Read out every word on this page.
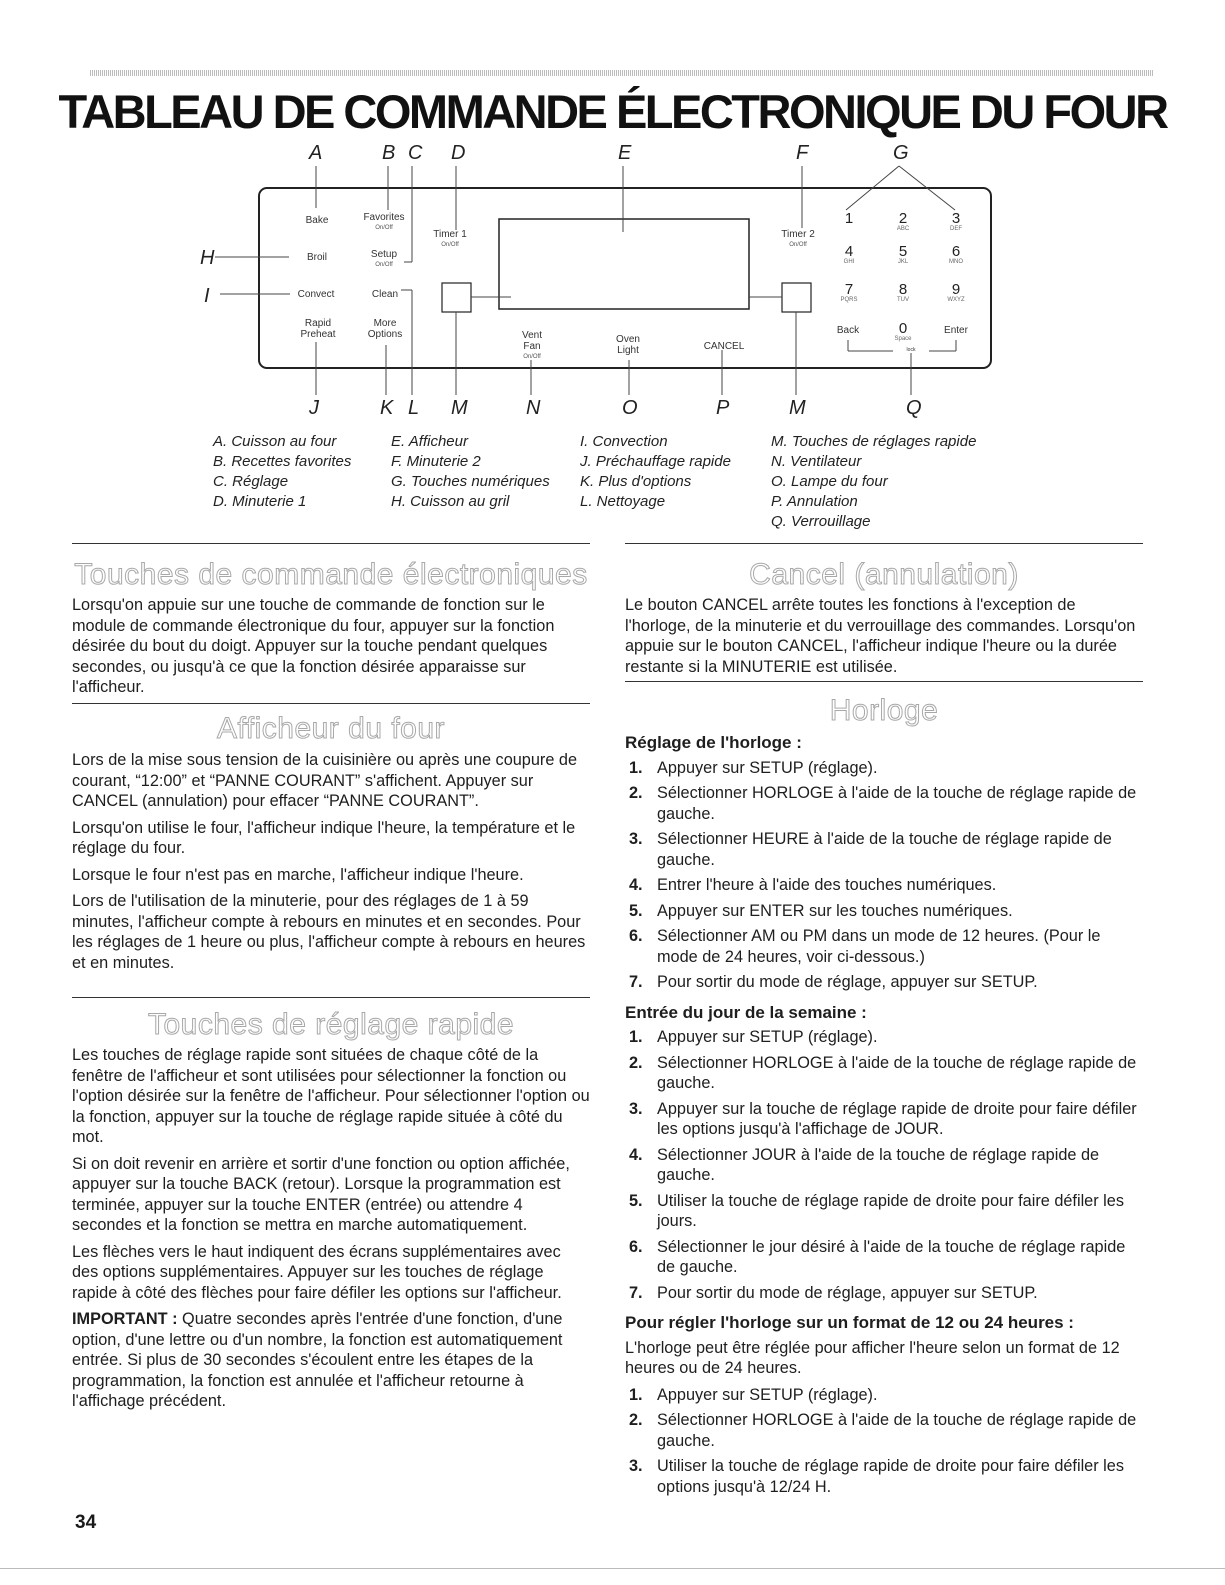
TABLEAU DE COMMANDE ÉLECTRONIQUE DU FOUR
A	B C D	E	F	G
H
I
J	K L M	N	O	P	M	Q
Bake
Broil
Convect
Rapid
Preheat
Favorites
On/Off
Setup
On/Off
Clean
More
Options
Timer 1
On/Off
Timer 2
On/Off
Vent
Fan
On/Off
Oven
Light	CANCEL
1	2
ABC
3
DEF
4
GHI
5
JKL
6
MNO
7
PQRS
8
TUV
9
WXYZ
Back	0
Space
Enter
lock
A. Cuisson au four
B. Recettes favorites
C. Réglage
D. Minuterie 1
E. Afficheur
F. Minuterie 2
G. Touches numériques
H. Cuisson au gril
I. Convection
J. Préchauffage rapide
K. Plus d'options
L. Nettoyage
M. Touches de réglages rapide
N. Ventilateur
O. Lampe du four
P. Annulation
Q. Verrouillage
Touches de commande électroniques

Lorsqu'on appuie sur une touche de commande de fonction sur le module de commande électronique du four, appuyer sur la fonction désirée du bout du doigt. Appuyer sur la touche pendant quelques secondes, ou jusqu'à ce que la fonction désirée apparaisse sur l'afficheur.

Afficheur du four

Lors de la mise sous tension de la cuisinière ou après une coupure de courant, “12:00” et “PANNE COURANT” s'affichent. Appuyer sur CANCEL (annulation) pour effacer “PANNE COURANT”.

Lorsqu'on utilise le four, l'afficheur indique l'heure, la température et le réglage du four.

Lorsque le four n'est pas en marche, l'afficheur indique l'heure.

Lors de l'utilisation de la minuterie, pour des réglages de 1 à 59 minutes, l'afficheur compte à rebours en minutes et en secondes. Pour les réglages de 1 heure ou plus, l'afficheur compte à rebours en heures et en minutes.

Touches de réglage rapide

Les touches de réglage rapide sont situées de chaque côté de la fenêtre de l'afficheur et sont utilisées pour sélectionner la fonction ou l'option désirée sur la fenêtre de l'afficheur. Pour sélectionner l'option ou la fonction, appuyer sur la touche de réglage rapide située à côté du mot.

Si on doit revenir en arrière et sortir d'une fonction ou option affichée, appuyer sur la touche BACK (retour). Lorsque la programmation est terminée, appuyer sur la touche ENTER (entrée) ou attendre 4 secondes et la fonction se mettra en marche automatiquement.

Les flèches vers le haut indiquent des écrans supplémentaires avec des options supplémentaires. Appuyer sur les touches de réglage rapide à côté des flèches pour faire défiler les options sur l'afficheur.

IMPORTANT : Quatre secondes après l'entrée d'une fonction, d'une option, d'une lettre ou d'un nombre, la fonction est automatiquement entrée. Si plus de 30 secondes s'écoulent entre les étapes de la programmation, la fonction est annulée et l'afficheur retourne à l'affichage précédent.

Cancel (annulation)

Le bouton CANCEL arrête toutes les fonctions à l'exception de l'horloge, de la minuterie et du verrouillage des commandes. Lorsqu'on appuie sur le bouton CANCEL, l'afficheur indique l'heure ou la durée restante si la MINUTERIE est utilisée.

Horloge
Réglage de l'horloge :
1. Appuyer sur SETUP (réglage).
2. Sélectionner HORLOGE à l'aide de la touche de réglage rapide de gauche.
3. Sélectionner HEURE à l'aide de la touche de réglage rapide de gauche.
4. Entrer l'heure à l'aide des touches numériques.
5. Appuyer sur ENTER sur les touches numériques.
6. Sélectionner AM ou PM dans un mode de 12 heures. (Pour le mode de 24 heures, voir ci-dessous.)
7. Pour sortir du mode de réglage, appuyer sur SETUP.
Entrée du jour de la semaine :
1. Appuyer sur SETUP (réglage).
2. Sélectionner HORLOGE à l'aide de la touche de réglage rapide de gauche.
3. Appuyer sur la touche de réglage rapide de droite pour faire défiler les options jusqu'à l'affichage de JOUR.
4. Sélectionner JOUR à l'aide de la touche de réglage rapide de gauche.
5. Utiliser la touche de réglage rapide de droite pour faire défiler les jours.
6. Sélectionner le jour désiré à l'aide de la touche de réglage rapide de gauche.
7. Pour sortir du mode de réglage, appuyer sur SETUP.
Pour régler l'horloge sur un format de 12 ou 24 heures :

L'horloge peut être réglée pour afficher l'heure selon un format de 12 heures ou de 24 heures.

1. Appuyer sur SETUP (réglage).
2. Sélectionner HORLOGE à l'aide de la touche de réglage rapide de gauche.
3. Utiliser la touche de réglage rapide de droite pour faire défiler les options jusqu'à 12/24 H.
34
